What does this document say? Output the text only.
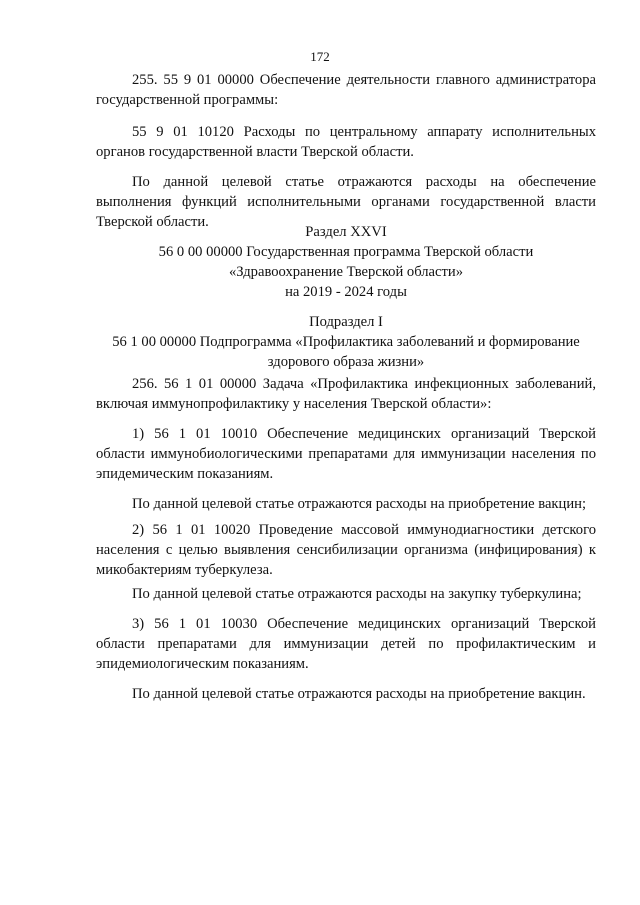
172

255. 55 9 01 00000 Обеспечение деятельности главного администратора государственной программы:

55 9 01 10120 Расходы по центральному аппарату исполнительных органов государственной власти Тверской области.

По данной целевой статье отражаются расходы на обеспечение выполнения функций исполнительными органами государственной власти Тверской области.

Раздел XXVI
56 0 00 00000 Государственная программа Тверской области
«Здравоохранение Тверской области»
на 2019 - 2024 годы
Подраздел I
56 1 00 00000 Подпрограмма «Профилактика заболеваний и формирование
здорового образа жизни»

256. 56 1 01 00000 Задача «Профилактика инфекционных заболеваний, включая иммунопрофилактику у населения Тверской области»:

1) 56 1 01 10010 Обеспечение медицинских организаций Тверской области иммунобиологическими препаратами для иммунизации населения по эпидемическим показаниям.

По данной целевой статье отражаются расходы на приобретение вакцин;

2) 56 1 01 10020 Проведение массовой иммунодиагностики детского населения с целью выявления сенсибилизации организма (инфицирования) к микобактериям туберкулеза.

По данной целевой статье отражаются расходы на закупку туберкулина;

3) 56 1 01 10030 Обеспечение медицинских организаций Тверской области препаратами для иммунизации детей по профилактическим и эпидемиологическим показаниям.

По данной целевой статье отражаются расходы на приобретение вакцин.
